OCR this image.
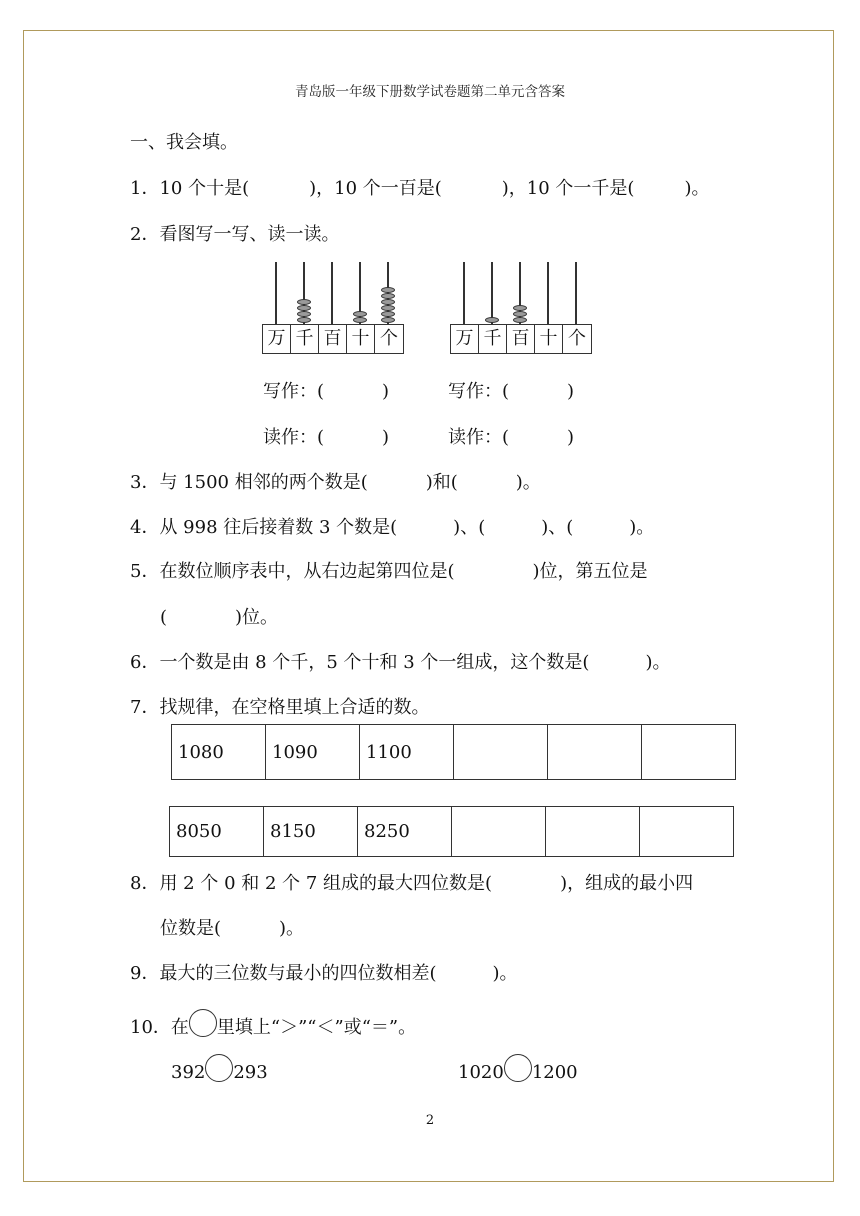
青岛版一年级下册数学试卷题第二单元含答案
一、我会填。
1．10 个十是(	)，10 个一百是(	)，10 个一千是(	)。
2．看图写一写、读一读。
万 千 百 十 个	万 千 百 十 个
写作：(	)	写作：(	)
读作：(	)	读作：(	)
3．与 1500 相邻的两个数是(	)和(	)。
4．从 998 往后接着数 3 个数是(	)、(	)、(	)。
5．在数位顺序表中，从右边起第四位是(	)位，第五位是
(	)位。
6．一个数是由 8 个千，5 个十和 3 个一组成，这个数是(	)。
7．找规律，在空格里填上合适的数。
1080	1090	1100			
8050	8150	8250			
8．用 2 个 0 和 2 个 7 组成的最大四位数是(	)，组成的最小四
位数是(	)。
9．最大的三位数与最小的四位数相差(	)。
10．在 里填上“＞”“＜”或“＝”。
392 293	1020 1200
2
